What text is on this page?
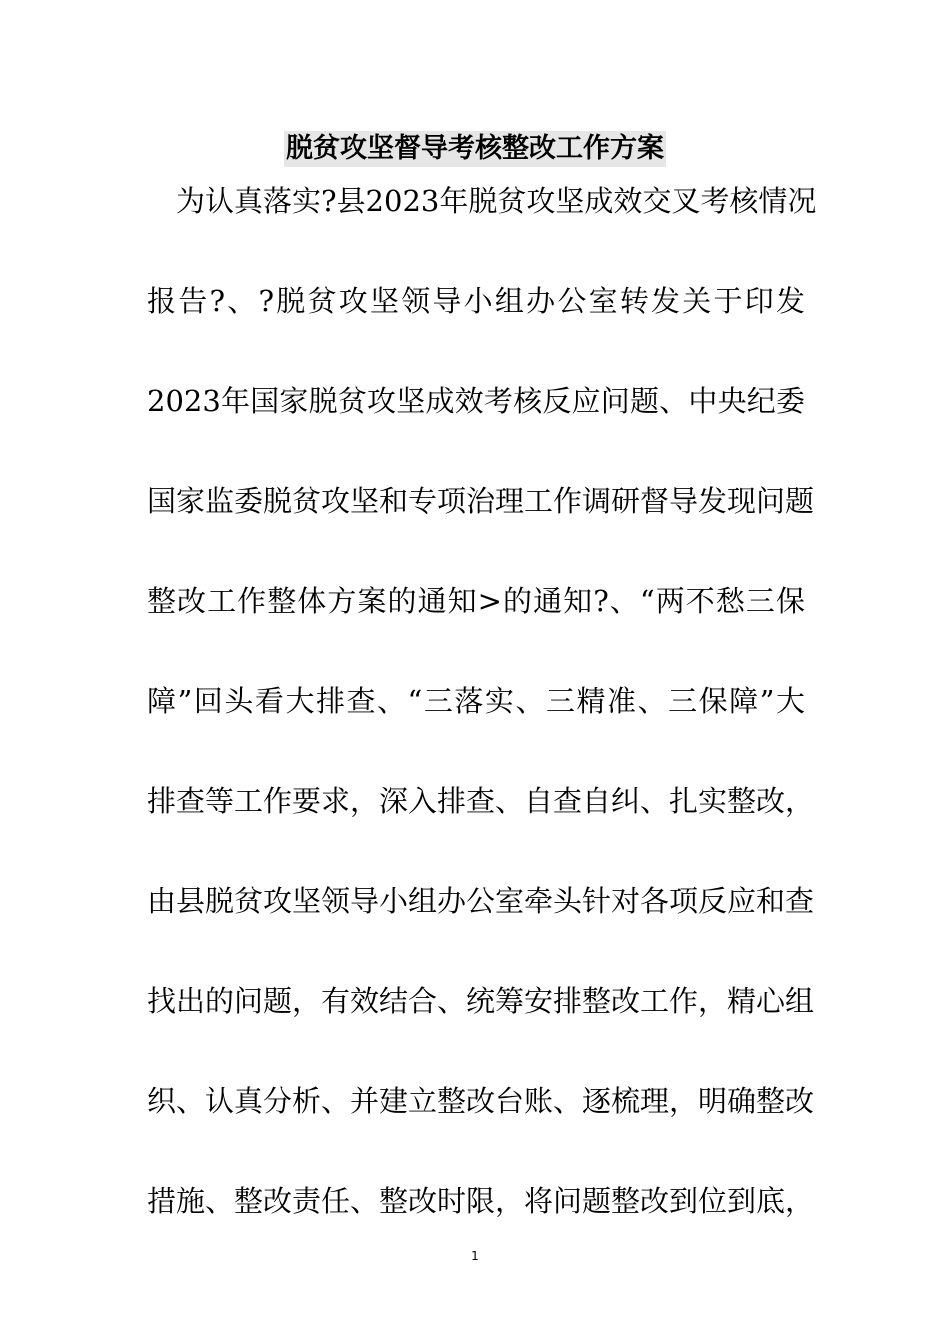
脱贫攻坚督导考核整改工作方案
　为认真落实?县2023年脱贫攻坚成效交叉考核情况
报告?、?脱贫攻坚领导小组办公室转发关于印发
2023年国家脱贫攻坚成效考核反应问题、中央纪委
国家监委脱贫攻坚和专项治理工作调研督导发现问题
整改工作整体方案的通知>的通知?、“两不愁三保
障”回头看大排查、“三落实、三精准、三保障”大
排查等工作要求，深入排查、自查自纠、扎实整改，
由县脱贫攻坚领导小组办公室牵头针对各项反应和查
找出的问题，有效结合、统筹安排整改工作，精心组
织、认真分析、并建立整改台账、逐梳理，明确整改
措施、整改责任、整改时限，将问题整改到位到底，
1
